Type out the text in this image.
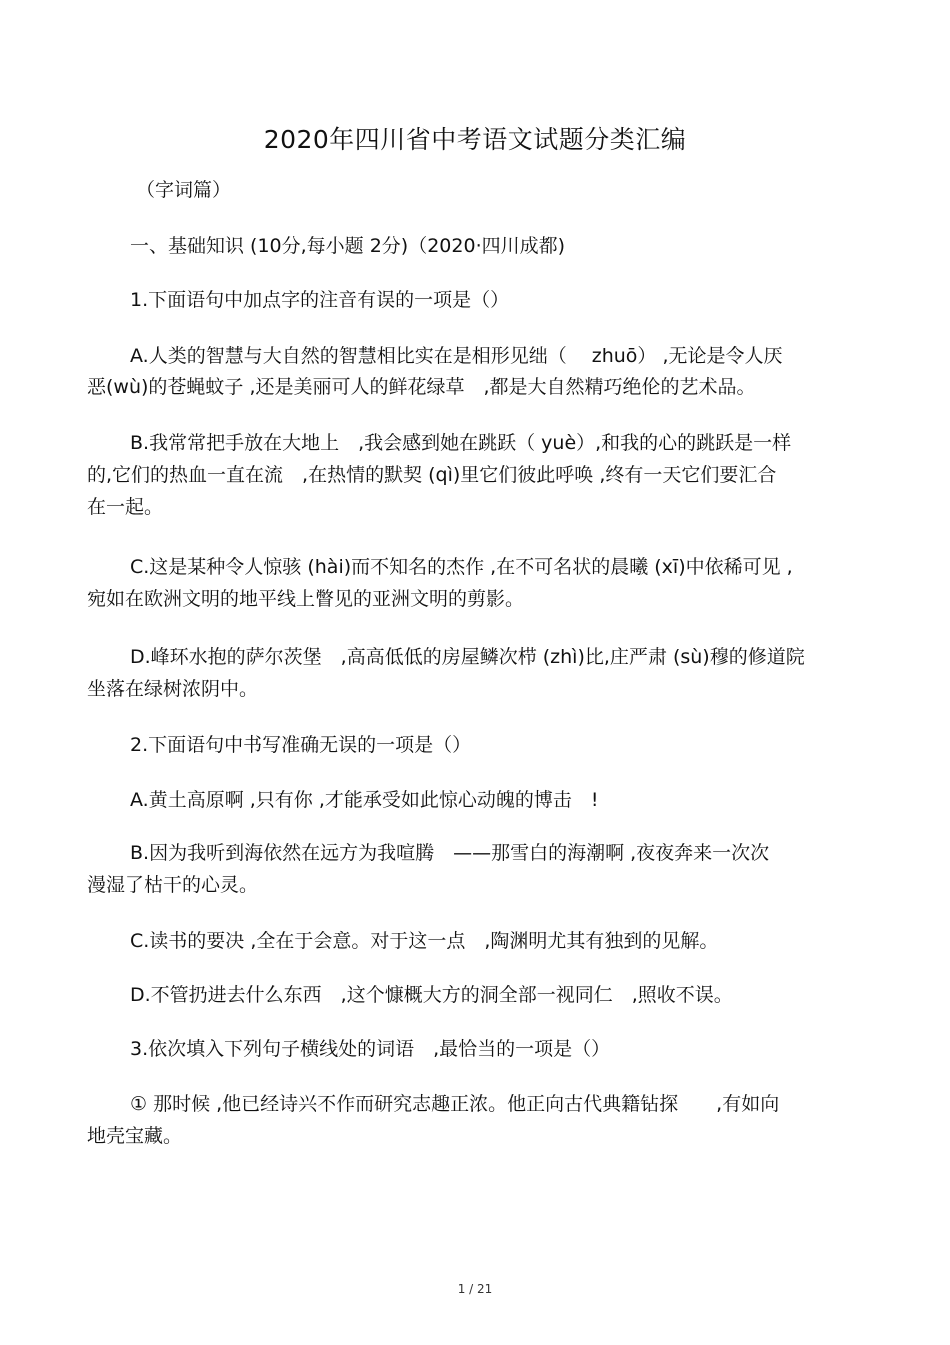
2020年四川省中考语文试题分类汇编
（字词篇）
一、基础知识 (10分,每小题 2分)（2020·四川成都)
1.下面语句中加点字的注音有误的一项是（）
A.人类的智慧与大自然的智慧相比实在是相形见绌（　 zhuō） ,无论是令人厌
恶(wù)的苍蝇蚊子 ,还是美丽可人的鲜花绿草　,都是大自然精巧绝伦的艺术品。
B.我常常把手放在大地上　,我会感到她在跳跃（ yuè）,和我的心的跳跃是一样
的,它们的热血一直在流　,在热情的默契 (qì)里它们彼此呼唤 ,终有一天它们要汇合
在一起。
C.这是某种令人惊骇 (hài)而不知名的杰作 ,在不可名状的晨曦 (xī)中依稀可见 ,
宛如在欧洲文明的地平线上瞥见的亚洲文明的剪影。
D.峰环水抱的萨尔茨堡　,高高低低的房屋鳞次栉 (zhì)比,庄严肃 (sù)穆的修道院
坐落在绿树浓阴中。
2.下面语句中书写准确无误的一项是（）
A.黄土高原啊 ,只有你 ,才能承受如此惊心动魄的博击　!
B.因为我听到海依然在远方为我喧腾　——那雪白的海潮啊 ,夜夜奔来一次次
漫湿了枯干的心灵。
C.读书的要决 ,全在于会意。对于这一点　,陶渊明尤其有独到的见解。
D.不管扔进去什么东西　,这个慷概大方的洞全部一视同仁　,照收不误。
3.依次填入下列句子横线处的词语　,最恰当的一项是（）
① 那时候 ,他已经诗兴不作而研究志趣正浓。他正向古代典籍钻探　　,有如向
地壳宝藏。
1 / 21
